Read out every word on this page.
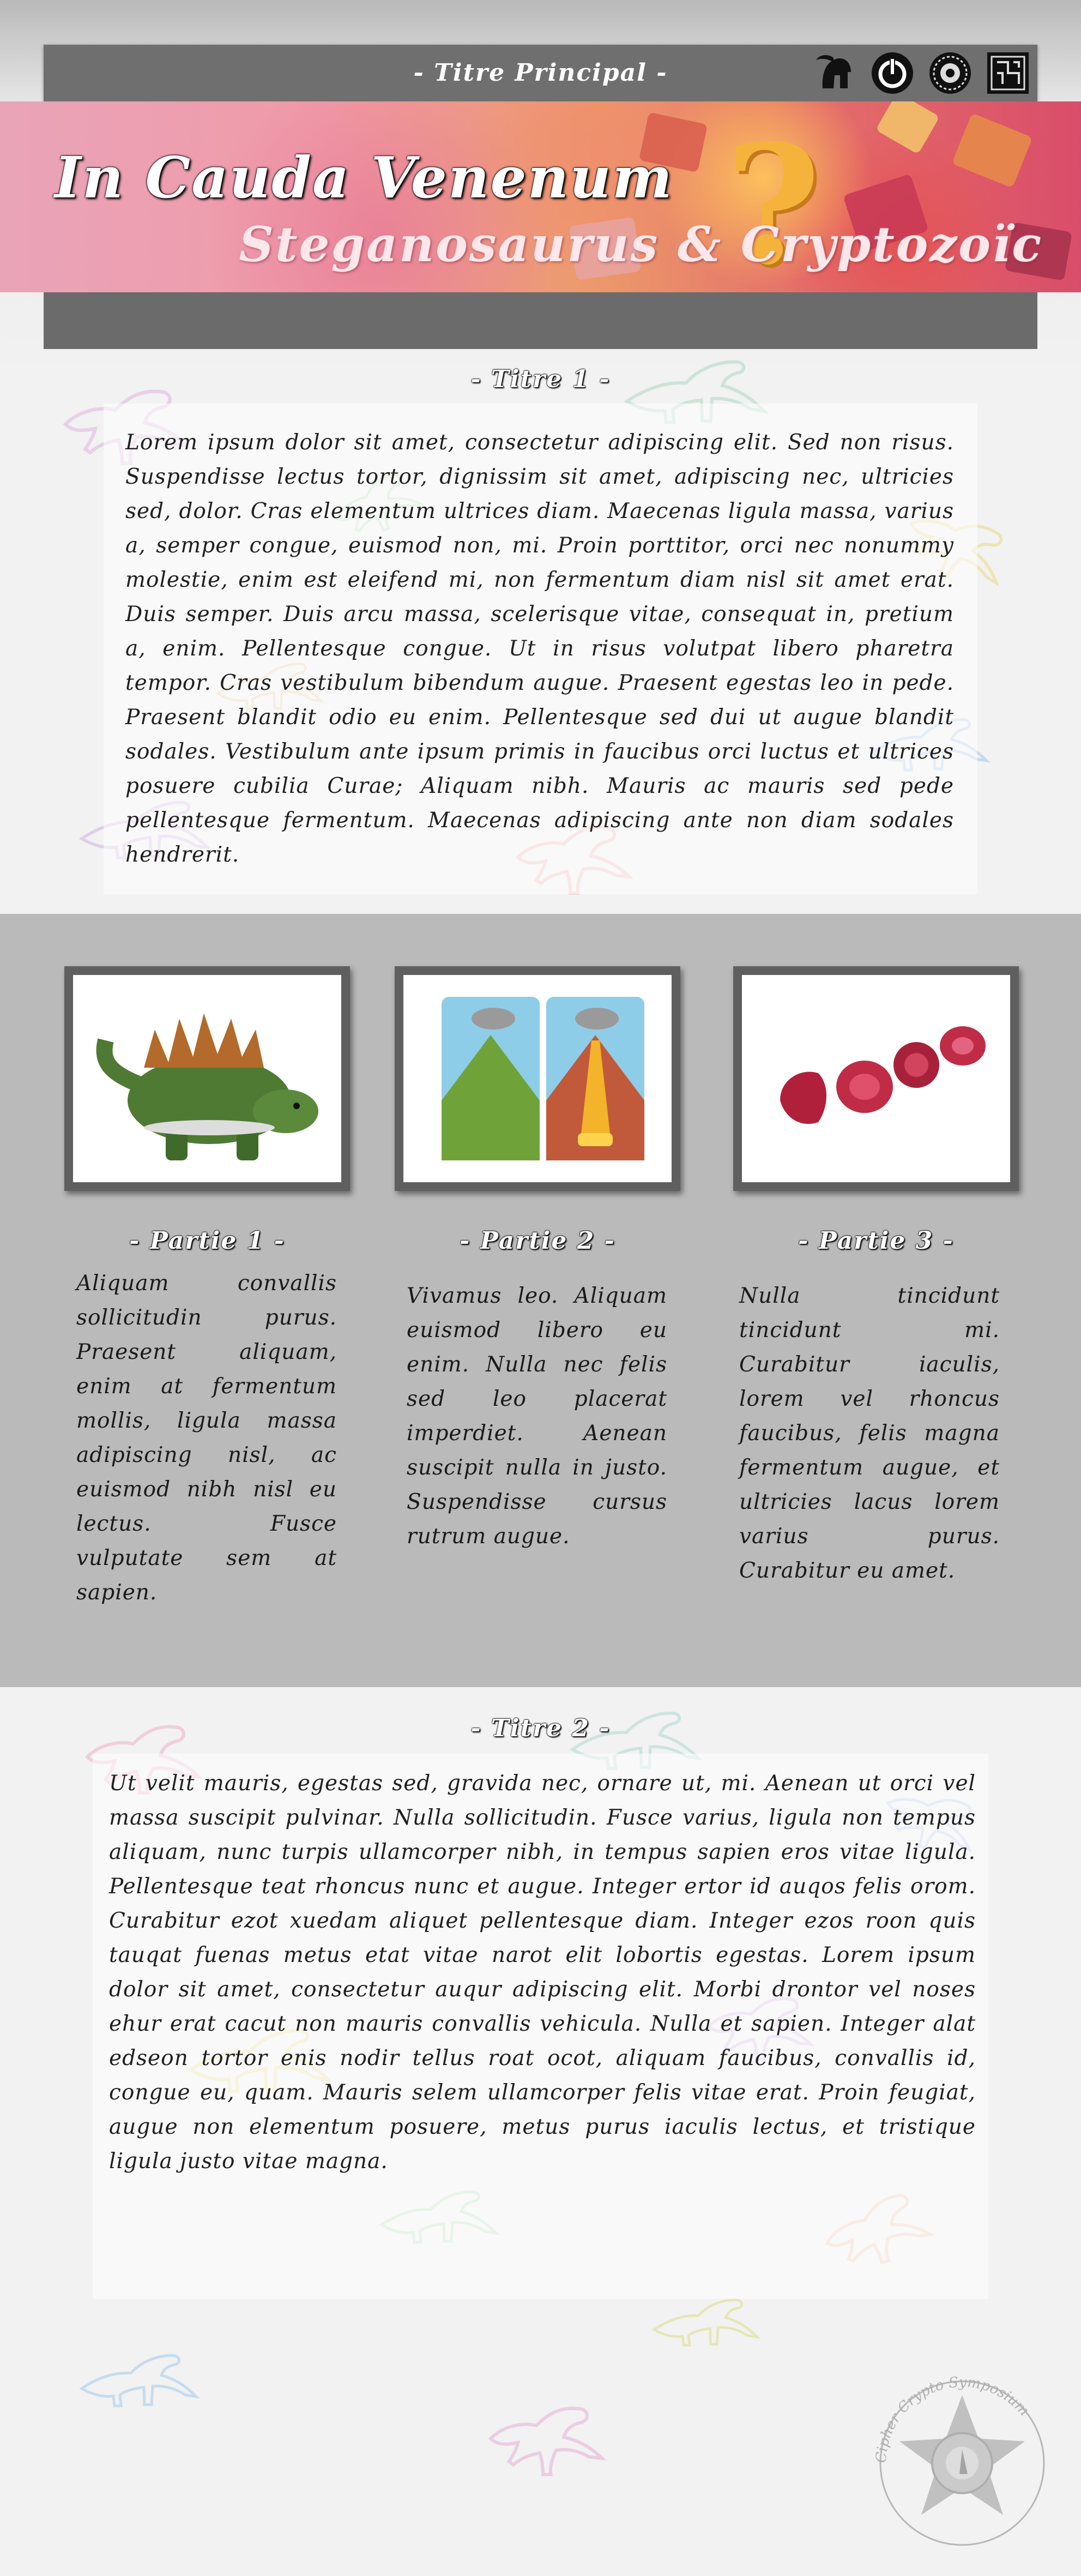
- Titre Principal -
?
In Cauda Venenum
Steganosaurus & Cryptozoïc
- Titre 1 -
Lorem ipsum dolor sit amet, consectetur adipiscing elit. Sed non risus. Suspendisse lectus tortor, dignissim sit amet, adipiscing nec, ultricies sed, dolor. Cras elementum ultrices diam. Maecenas ligula massa, varius a, semper congue, euismod non, mi. Proin porttitor, orci nec nonummy molestie, enim est eleifend mi, non fermentum diam nisl sit amet erat. Duis semper. Duis arcu massa, scelerisque vitae, consequat in, pretium a, enim. Pellentesque congue. Ut in risus volutpat libero pharetra tempor. Cras vestibulum bibendum augue. Praesent egestas leo in pede. Praesent blandit odio eu enim. Pellentesque sed dui ut augue blandit sodales. Vestibulum ante ipsum primis in faucibus orci luctus et ultrices posuere cubilia Curae; Aliquam nibh. Mauris ac mauris sed pede pellentesque fermentum. Maecenas adipiscing ante non diam sodales hendrerit.
- Partie 1 -	- Partie 2 -	- Partie 3 -
Aliquam convallis sollicitudin purus. Praesent aliquam, enim at fermentum mollis, ligula massa adipiscing nisl, ac euismod nibh nisl eu lectus. Fusce vulputate sem at sapien.
Vivamus leo. Aliquam euismod libero eu enim. Nulla nec felis sed leo placerat imperdiet. Aenean suscipit nulla in justo. Suspendisse cursus rutrum augue.
Nulla tincidunt tincidunt mi. Curabitur iaculis, lorem vel rhoncus faucibus, felis magna fermentum augue, et ultricies lacus lorem varius purus. Curabitur eu amet.
- Titre 2 -
Ut velit mauris, egestas sed, gravida nec, ornare ut, mi. Aenean ut orci vel massa suscipit pulvinar. Nulla sollicitudin. Fusce varius, ligula non tempus aliquam, nunc turpis ullamcorper nibh, in tempus sapien eros vitae ligula. Pellentesque teat rhoncus nunc et augue. Integer ertor id auqos felis orom. Curabitur ezot xuedam aliquet pellentesque diam. Integer ezos roon quis tauqat fuenas metus etat vitae narot elit lobortis egestas. Lorem ipsum dolor sit amet, consectetur auqur adipiscing elit. Morbi drontor vel noses ehur erat cacut non mauris convallis vehicula. Nulla et sapien. Integer alat edseon tortor enis nodir tellus roat ocot, aliquam faucibus, convallis id, congue eu, quam. Mauris selem ullamcorper felis vitae erat. Proin feugiat, augue non elementum posuere, metus purus iaculis lectus, et tristique ligula justo vitae magna.
Cipher Crypto Symposium
